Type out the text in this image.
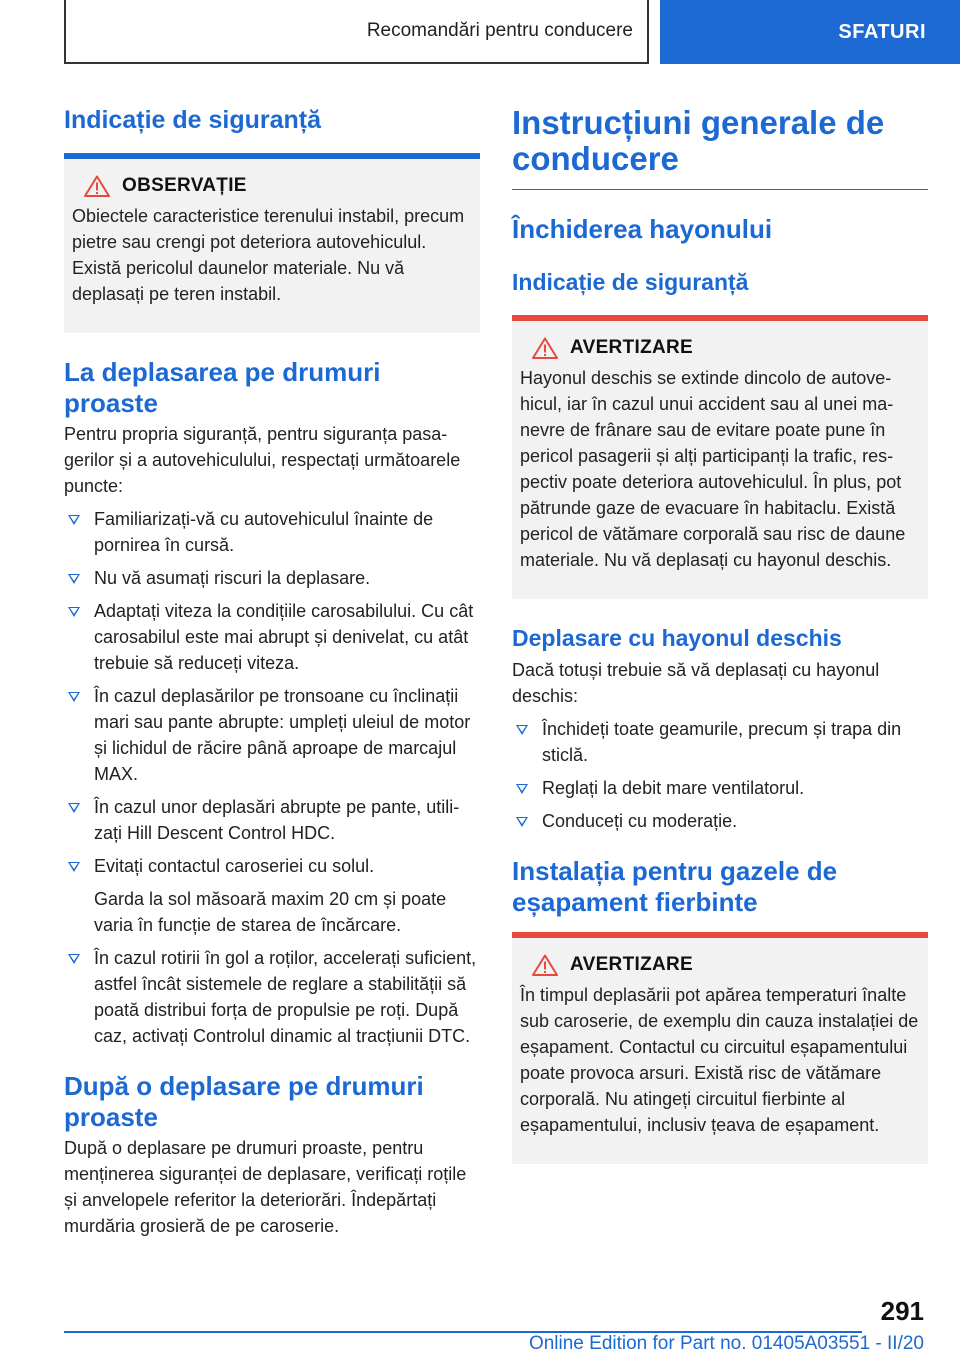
Recomandări pentru conducere	SFATURI
Indicație de siguranță
OBSERVAȚIE

Obiectele caracteristice terenului instabil, precum pietre sau crengi pot deteriora autovehiculul. Există pericolul daunelor materiale. Nu vă deplasați pe teren instabil.

La deplasarea pe drumuri proaste

Pentru propria siguranță, pentru siguranța pasagerilor și a autovehiculului, respectați următoarele puncte:

Familiarizați-vă cu autovehiculul înainte de pornirea în cursă.
Nu vă asumați riscuri la deplasare.
Adaptați viteza la condițiile carosabilului. Cu cât carosabilul este mai abrupt și denivelat, cu atât trebuie să reduceți viteza.
În cazul deplasărilor pe tronsoane cu înclinații mari sau pante abrupte: umpleți uleiul de motor și lichidul de răcire până aproape de marcajul MAX.
În cazul unor deplasări abrupte pe pante, utilizați Hill Descent Control HDC.
Evitați contactul caroseriei cu solul.
Garda la sol măsoară maxim 20 cm și poate varia în funcție de starea de încărcare.
În cazul rotirii în gol a roților, accelerați suficient, astfel încât sistemele de reglare a stabilității să poată distribui forța de propulsie pe roți. După caz, activați Controlul dinamic al tracțiunii DTC.
După o deplasare pe drumuri proaste

După o deplasare pe drumuri proaste, pentru menținerea siguranței de deplasare, verificați roțile și anvelopele referitor la deteriorări. Îndepărtați murdăria grosieră de pe caroserie.

Instrucțiuni generale de conducere
Închiderea hayonului
Indicație de siguranță
AVERTIZARE

Hayonul deschis se extinde dincolo de autovehicul, iar în cazul unui accident sau al unei manevre de frânare sau de evitare poate pune în pericol pasagerii și alți participanți la trafic, respectiv poate deteriora autovehiculul. În plus, pot pătrunde gaze de evacuare în habitaclu. Există pericol de vătămare corporală sau risc de daune materiale. Nu vă deplasați cu hayonul deschis.

Deplasare cu hayonul deschis

Dacă totuși trebuie să vă deplasați cu hayonul deschis:

Închideți toate geamurile, precum și trapa din sticlă.
Reglați la debit mare ventilatorul.
Conduceți cu moderație.
Instalația pentru gazele de eșapament fierbinte
AVERTIZARE

În timpul deplasării pot apărea temperaturi înalte sub caroserie, de exemplu din cauza instalației de eșapament. Contactul cu circuitul eșapamentului poate provoca arsuri. Există risc de vătămare corporală. Nu atingeți circuitul fierbinte al eșapamentului, inclusiv țeava de eșapament.

291
Online Edition for Part no. 01405A03551 - II/20
